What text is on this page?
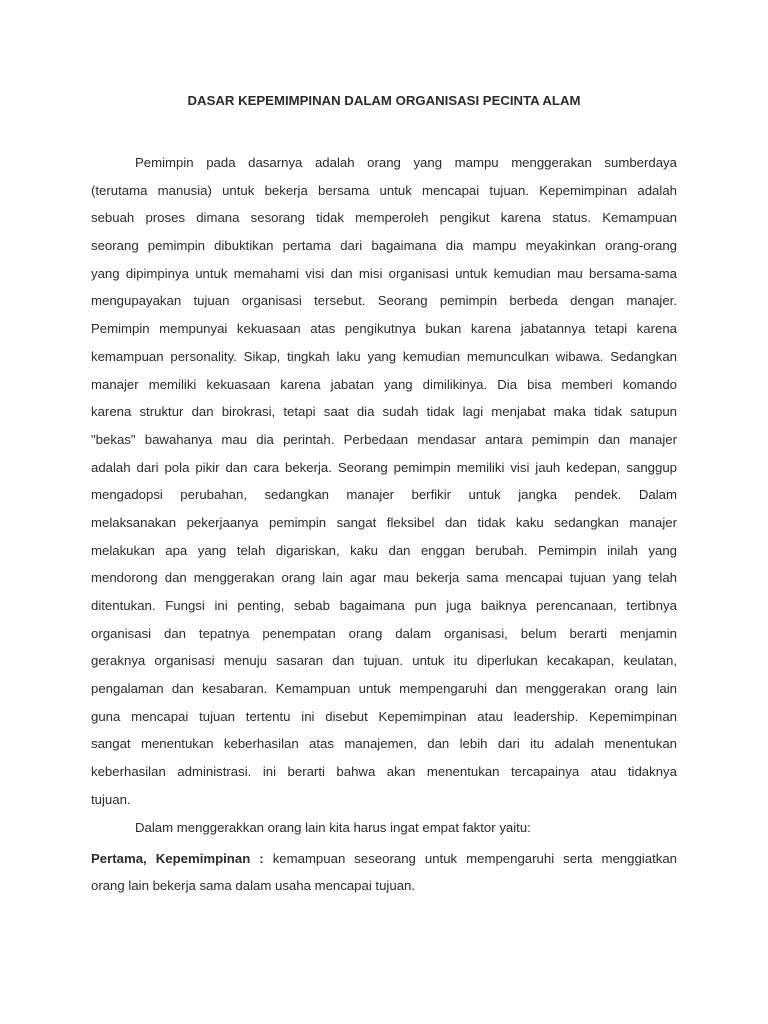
DASAR KEPEMIMPINAN DALAM ORGANISASI PECINTA ALAM
Pemimpin pada dasarnya adalah orang yang mampu menggerakan sumberdaya
(terutama manusia) untuk bekerja bersama untuk mencapai tujuan. Kepemimpinan adalah
sebuah proses dimana sesorang tidak memperoleh pengikut karena status. Kemampuan
seorang pemimpin dibuktikan pertama dari bagaimana dia mampu meyakinkan orang-orang
yang dipimpinya untuk memahami visi dan misi organisasi untuk kemudian mau bersama-sama
mengupayakan tujuan organisasi tersebut. Seorang pemimpin berbeda dengan manajer.
Pemimpin mempunyai kekuasaan atas pengikutnya bukan karena jabatannya tetapi karena
kemampuan personality. Sikap, tingkah laku yang kemudian memunculkan wibawa. Sedangkan
manajer memiliki kekuasaan karena jabatan yang dimilikinya. Dia bisa memberi komando
karena struktur dan birokrasi, tetapi saat dia sudah tidak lagi menjabat maka tidak satupun
"bekas" bawahanya mau dia perintah. Perbedaan mendasar antara pemimpin dan manajer
adalah dari pola pikir dan cara bekerja. Seorang pemimpin memiliki visi jauh kedepan, sanggup
mengadopsi perubahan, sedangkan manajer berfikir untuk jangka pendek. Dalam
melaksanakan pekerjaanya pemimpin sangat fleksibel dan tidak kaku sedangkan manajer
melakukan apa yang telah digariskan, kaku dan enggan berubah. Pemimpin inilah yang
mendorong dan menggerakan orang lain agar mau bekerja sama mencapai tujuan yang telah
ditentukan. Fungsi ini penting, sebab bagaimana pun juga baiknya perencanaan, tertibnya
organisasi dan tepatnya penempatan orang dalam organisasi, belum berarti menjamin
geraknya organisasi menuju sasaran dan tujuan. untuk itu diperlukan kecakapan, keulatan,
pengalaman dan kesabaran. Kemampuan untuk mempengaruhi dan menggerakan orang lain
guna mencapai tujuan tertentu ini disebut Kepemimpinan atau leadership. Kepemimpinan
sangat menentukan keberhasilan atas manajemen, dan lebih dari itu adalah menentukan
keberhasilan administrasi. ini berarti bahwa akan menentukan tercapainya atau tidaknya
tujuan.
Dalam menggerakkan orang lain kita harus ingat empat faktor yaitu:
Pertama, Kepemimpinan : kemampuan seseorang untuk mempengaruhi serta menggiatkan
orang lain bekerja sama dalam usaha mencapai tujuan.
